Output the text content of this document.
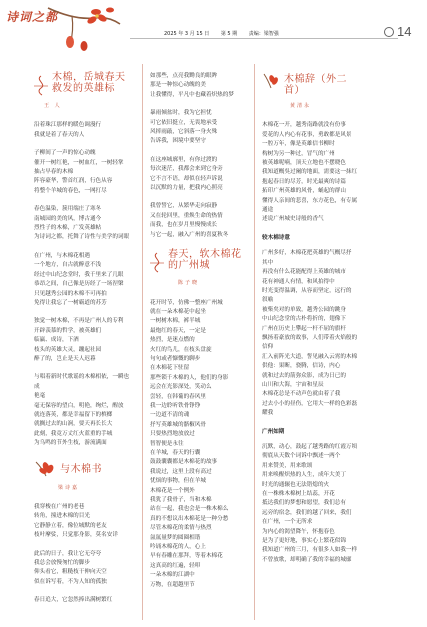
诗词之都
2025 年 3 月 15 日 第 5 期 责编：梁智强	14
木棉，岳城春天
救发的英雄标
王 人

沿着珠江那样的暖色调漫行
我就是着了春天的人

子柳间了一声的惊心动魄
催开一树红艳，一树血红，一树轻掌
抽占早春的木棉
阵容豪华，警首红润，行色从容
将整个羊城的春色，一网打尽

春色温染，簇用端庄了寒冬
南城园的美的风，博古通今
烈性子的木棉，广发英雄帖
为诗词之都，托舞了诗性与美学的词眼

在广州，与木棉花相遇
一个地方，自古就醉意不浅
经过中山纪念堂时，我千里来了几眼
恭昂之间，自己像是历经了一场涅槃
只见越秀公园的木棉不可再拍
免得让我忘了一树霸道的苏芳

独觉一树木棉，不再是广州人的专利
开辟羡慕的哲学，被英雄们
临赢、成诗，下酒
枝头的英雄大灵，蹦起社园
醉了的，岂止是天人迟暮

与唱着新时代歌谣的木棉相依，一瞬也成
艳毫
毫无保容的望白，明艳，绚烂，醒放
就连落英，都是幸福留下的槟榔
就搁过去的山涧，要天再长长大
此刻，我竟万丈红火蓝重的手城
为乌鸣的节外生枝，游流满面

与木棉书
梁诗嘉

我穿梭在广州的老巷
转角，撞进木棉的目光
它静静立着，像位城默的老友
枝叶摩娑，只觉那身影，莫名安详

此后的日子，我让它无夸夸
我总会放慢匆忙的脚步
仰头看它，粗糙枝干伸向天空
似在诉写着，不为人知的孤独

春日追大，它忽然捧出满树繁红

如那些，点亮我黝良的眼眸
那是一种惊心动魄的美
让我懂得，平凡中也藏着炽热的梦

暴雨倾盆时，我为它担忧
可它依旧挺立，无畏地承受
风摔雨敲，它斜落一身火殊
告诉我，困境中要坚守

在这座城廓里，有你过渡的
每次迷茫，我都会来到它身旁
它不言不语，却似在轻声诉说
以沉默的力量，把我内心照亮

我曾誓它，从繁华走向寂静
又在轮回里，重焕生命的热情
而我，也在岁月里慢慢成长
与它一起，融入广州的喜夏秋冬

春天，软木棉花的广州城
陈子晓

花开时节，仿佛一整座广州城
就在一朵木棉花中起坐
一树树木棉，裤半城
最炮红的春天，一定是
热烈，是迷点燃的
火红的鸟儿，在枝头盘旋
句句或者慷慨的聊步
在木棉花下驻留
那些锁千木棉的人，他们的身影
远会在光影深处，笑动么
尝轻，在韩葡的春风里
我一边聆听铁骨铮铮
一边道不清的魂
抒写英雄城的骼椒风骨
只要热烈地放放过
智智便是永往
在羊城，春天的行囊
鼓鼓囊囊都是木棉花的故事
我说过，这里上段有高过
忧烦的事物，但在羊城
木棉花是一个例外
我犹了我骨子，当和木棉
站在一起，我也会是一株木棉么
真的不想议出木棉花是一种分愁
尽管木棉花的柔情与热烈
氤氲量梦的圆圈相谐
吟诵木棉花的人，心上
早有春雕在那拜，等着木棉花
这真高的红遍，轻叩
一朵木棉的江湖中
万物，在超越里节

木棉辞（外二首）
黄清永

木棉花一开，越秀南路就没有份事
爱花的人内心有花事，勇敢都是风景
一腔万年，像是英雄信书柳时
构树为另一种过，冒气的广州
被英雄呢喃，顶天立地也不摆晓色
我知道概吳过阑的地面，需要这一抹红
抱起春日的尽芳，时光最爽的诗篇
拓印广州英雄的风骨，蛹起的群山
懂得人亲间的悲喜，东方花色，有专属
通途
述说广州城史诗般的香气

较木棉诗意

广州多好，木棉花把英雄的气概尽抒
其中
再没有什么花能配得上英雄的城市
花有神通人有情，和风拍得中
时光变得温调，从容而坚定，远行的
叙喻
被柴矣对的单致，越秀公园的跳身
中山纪念堂的古朴将折的，翅像下
广州在历史上攀起一杆不屈的旗杆
飘扬着豪放的故事，人们带着火焰般的
信仰
汇入前阵光大道，誓见融入云霄的木棉
供他：果断，骁腾，信诗，内心
就和过去的箭弥众影，成为日已的
山川和大海，宇宙和星辰
木棉花总是不动声色就由着了我
过去小小的昼伤，它用大一样的色彩磊
耀我

广州如期

沉默，动心，鼓起了越秀路的红霞万顷
彻底从天数个词诉中飘述一两个
用来赞美，用来歌颂
用来唤醒炽热的人生，成年大美丁
时光的通辗也无法错熄的火
在一株株木棉树上结蕊，开花
抵达我们的梦想和愿望，我们总有
远旁的宿念，我们的越了回来，我们
在广州，一个无所求
为内心的渴望降午，怀抱春色
是为了更好地，事实心上繁花似锦
我知道广州的三月，有很多人如我一样
不曾放歌，却明确了我的幸福的城廓
